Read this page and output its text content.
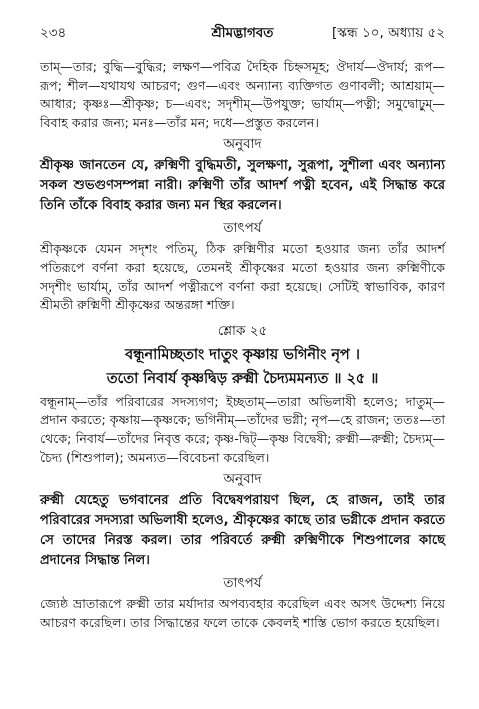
২৩৪	শ্রীমদ্ভাগবত	[স্কন্ধ ১০, অধ্যায় ৫২

তাম্—তার; বুদ্ধি—বুদ্ধির; লক্ষণ—পবিত্র দৈহিক চিহ্নসমূহ; ঔদার্য—ঔদার্য; রূপ—রূপ; শীল—যথাযথ আচরণ; গুণ—এবং অন্যান্য ব্যক্তিগত গুণাবলী; আশ্রয়াম্—আধার; কৃষ্ণঃ—শ্রীকৃষ্ণ; চ—এবং; সদৃশীম্—উপযুক্ত; ভার্যাম্—পত্নী; সমুদ্বোঢ়ুম্—বিবাহ করার জন্য; মনঃ—তাঁর মন; দধে—প্রস্তুত করলেন।

অনুবাদ

শ্রীকৃষ্ণ জানতেন যে, রুক্মিণী বুদ্ধিমতী, সুলক্ষণা, সুরূপা, সুশীলা এবং অন্যান্য সকল শুভগুণসম্পন্না নারী। রুক্মিণী তাঁর আদর্শ পত্নী হবেন, এই সিদ্ধান্ত করে তিনি তাঁকে বিবাহ করার জন্য মন স্থির করলেন।

তাৎপর্য

শ্রীকৃষ্ণকে যেমন সদৃশং পতিম্, ঠিক রুক্মিণীর মতো হওয়ার জন্য তাঁর আদর্শ পতিরূপে বর্ণনা করা হয়েছে, তেমনই শ্রীকৃষ্ণের মতো হওয়ার জন্য রুক্মিণীকে সদৃশীং ভার্যাম্, তাঁর আদর্শ পত্নীরূপে বর্ণনা করা হয়েছে। সেটিই স্বাভাবিক, কারণ শ্রীমতী রুক্মিণী শ্রীকৃষ্ণের অন্তরঙ্গা শক্তি।

শ্লোক ২৫
বন্ধূনামিচ্ছতাং দাতুং কৃষ্ণায় ভগিনীং নৃপ ।
ততো নিবার্য কৃষ্ণদ্বিড় রুক্মী চৈদ্যমমন্যত ॥ ২৫ ॥

বন্ধূনাম্—তাঁর পরিবারের সদস্যগণ; ইচ্ছতাম্—তারা অভিলাষী হলেও; দাতুম্—প্রদান করতে; কৃষ্ণায়—কৃষ্ণকে; ভগিনীম্—তাঁদের ভগ্নী; নৃপ—হে রাজন; ততঃ—তা থেকে; নিবার্য—তাঁদের নিবৃত্ত করে; কৃষ্ণ-দ্বিট্—কৃষ্ণ বিদ্বেষী; রুক্মী—রুক্মী; চৈদ্যম্—চৈদ্য (শিশুপাল); অমন্যত—বিবেচনা করেছিল।

অনুবাদ

রুক্মী যেহেতু ভগবানের প্রতি বিদ্বেষপরায়ণ ছিল, হে রাজন, তাই তার পরিবারের সদস্যরা অভিলাষী হলেও, শ্রীকৃষ্ণের কাছে তার ভগ্নীকে প্রদান করতে সে তাদের নিরস্ত করল। তার পরিবর্তে রুক্মী রুক্মিণীকে শিশুপালের কাছে প্রদানের সিদ্ধান্ত নিল।

তাৎপর্য

জ্যেষ্ঠ ভ্রাতারূপে রুক্মী তার মর্যাদার অপব্যবহার করেছিল এবং অসৎ উদ্দেশ্য নিয়ে আচরণ করেছিল। তার সিদ্ধান্তের ফলে তাকে কেবলই শাস্তি ভোগ করতে হয়েছিল।
